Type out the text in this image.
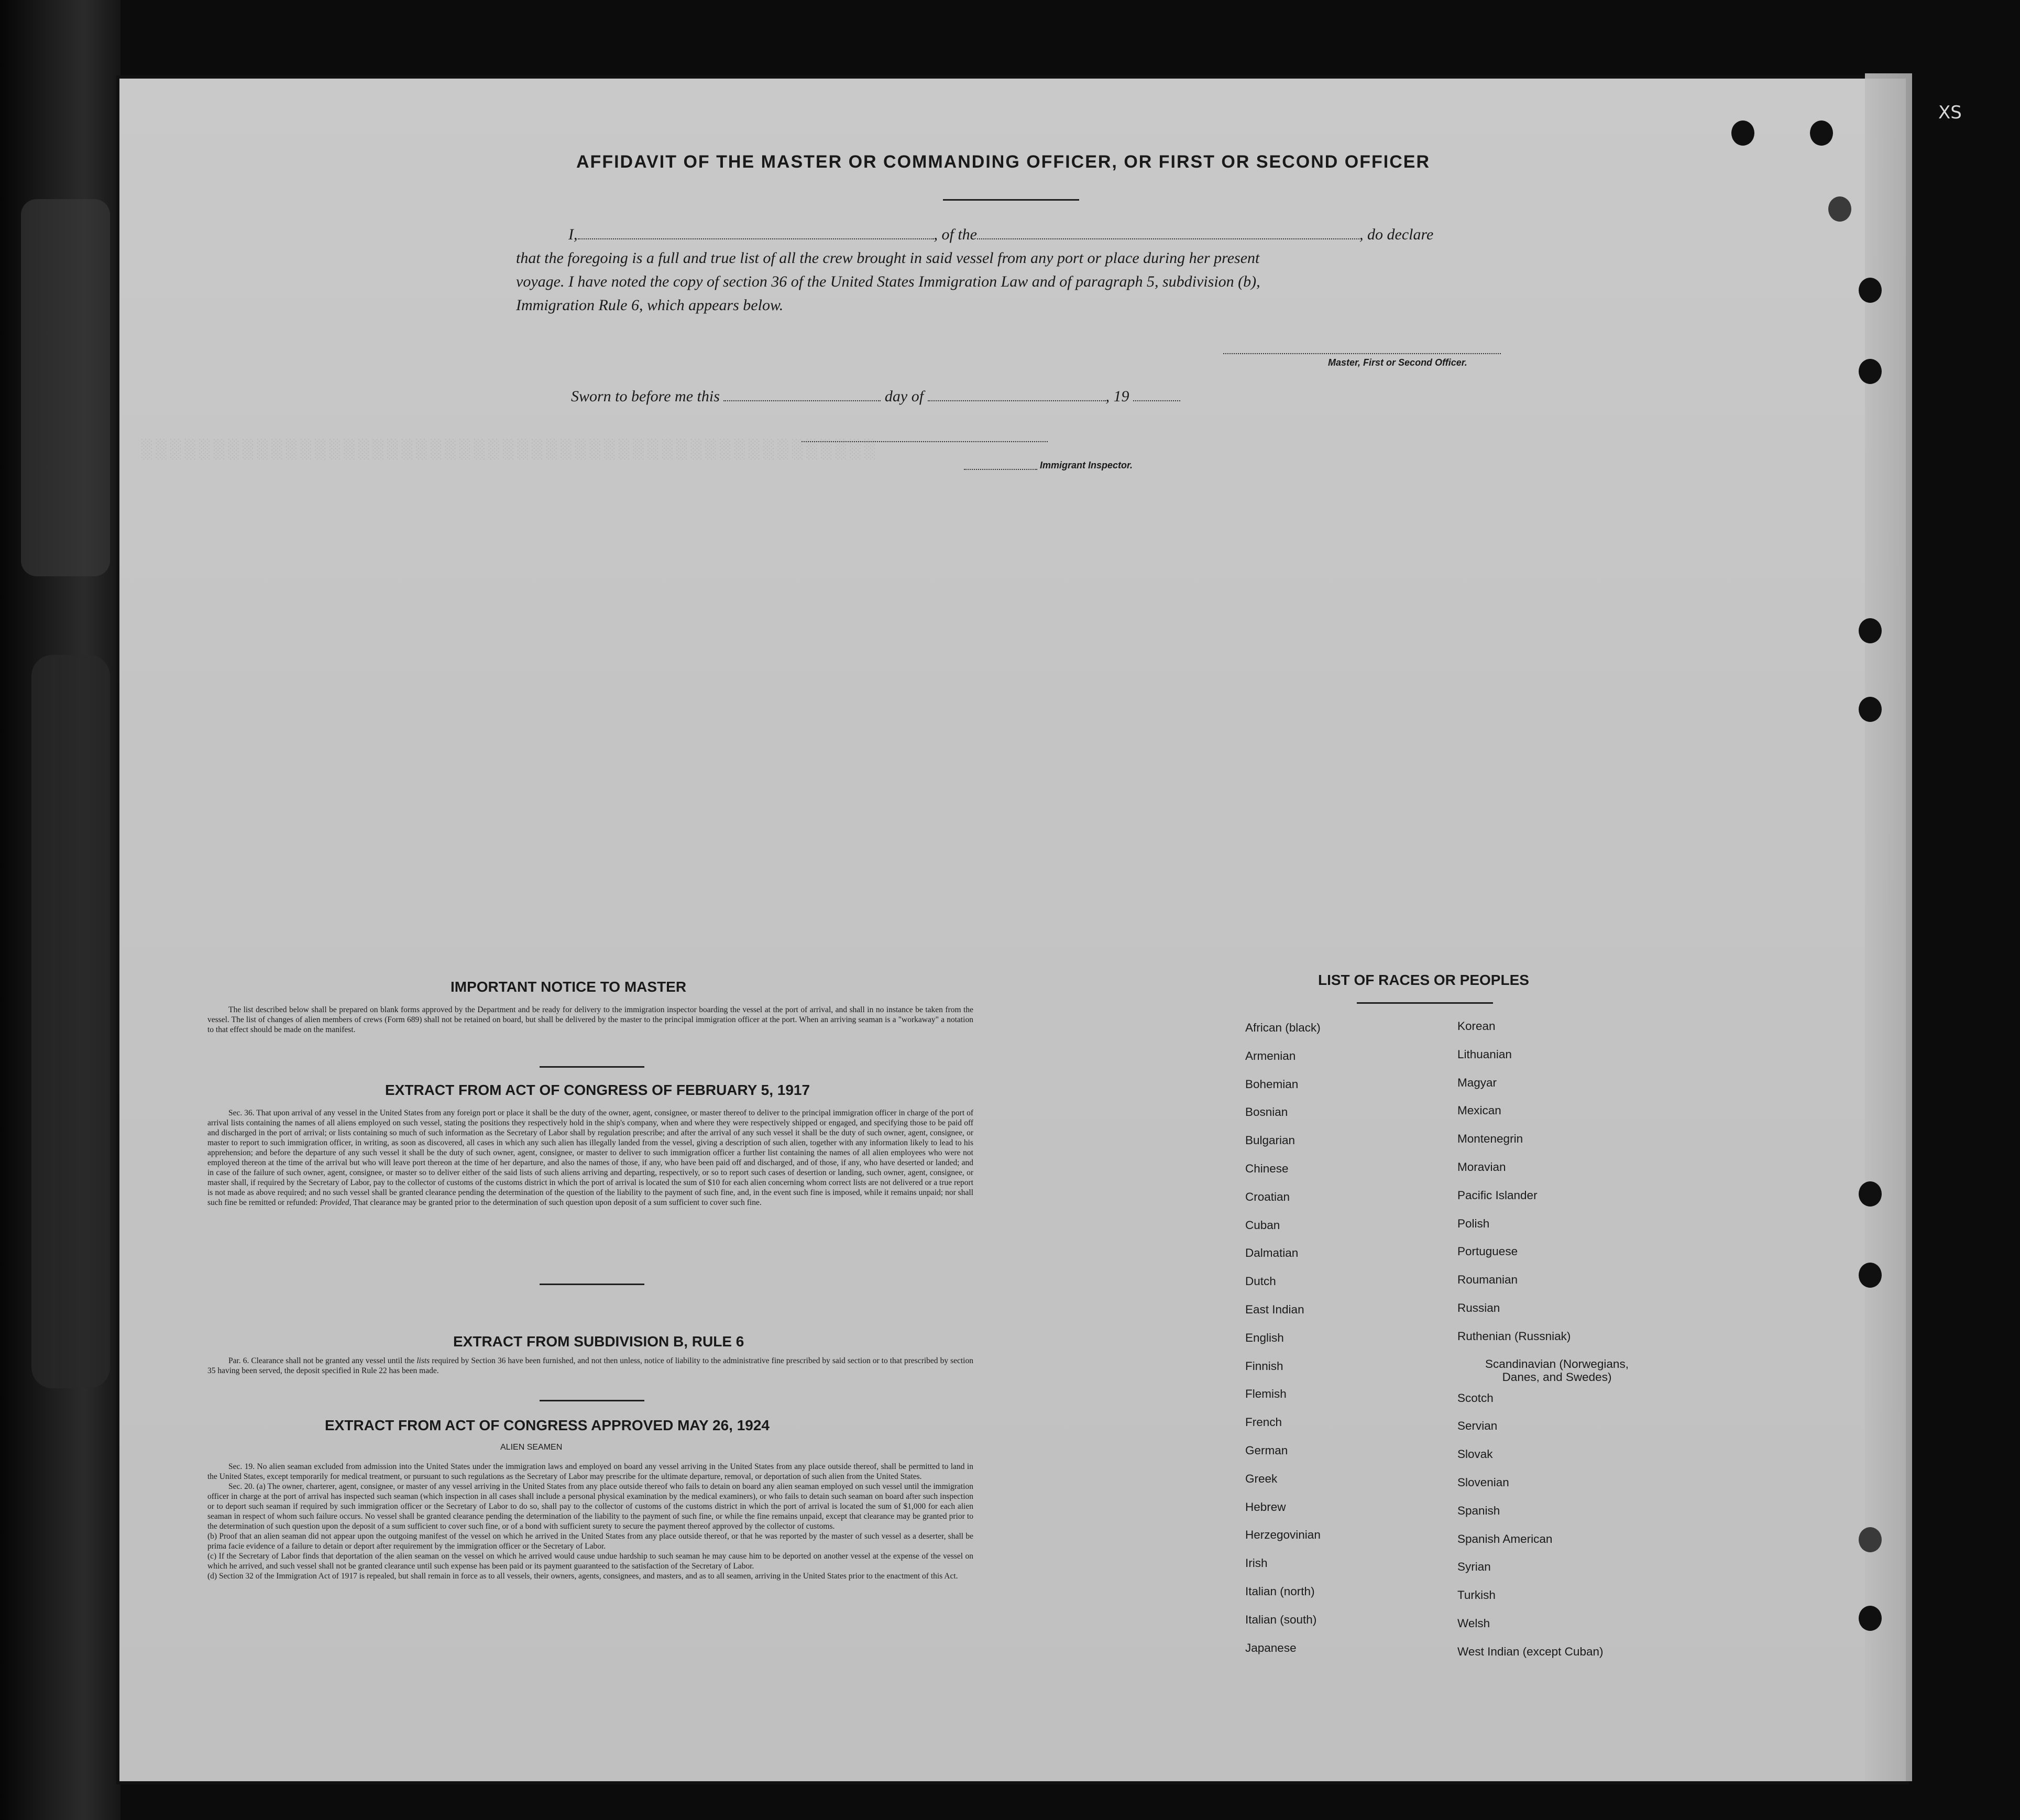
XS
░░░░░░░░░░░░░░░░░░░░░░░░░░░░░░░░░░░░░░░░░░░░░░░░░░░
AFFIDAVIT OF THE MASTER OR COMMANDING OFFICER, OR FIRST OR SECOND OFFICER

I,	, of the	, do declare

that the foregoing is a full and true list of all the crew brought in said vessel from any port or place during her present

voyage. I have noted the copy of section 36 of the United States Immigration Law and of paragraph 5, subdivision (b),

Immigration Rule 6, which appears below.

Master, First or Second Officer.
Sworn to before me this	day of	, 19
Immigrant Inspector.
IMPORTANT NOTICE TO MASTER

The list described below shall be prepared on blank forms approved by the Department and be ready for delivery to the immigration inspector boarding the vessel at the port of arrival, and shall in no instance be taken from the vessel. The list of changes of alien members of crews (Form 689) shall not be retained on board, but shall be delivered by the master to the principal immigration officer at the port. When an arriving seaman is a "workaway" a notation to that effect should be made on the manifest.

EXTRACT FROM ACT OF CONGRESS OF FEBRUARY 5, 1917

Sec. 36. That upon arrival of any vessel in the United States from any foreign port or place it shall be the duty of the owner, agent, consignee, or master thereof to deliver to the principal immigration officer in charge of the port of arrival lists containing the names of all aliens employed on such vessel, stating the positions they respectively hold in the ship's company, when and where they were respectively shipped or engaged, and specifying those to be paid off and discharged in the port of arrival; or lists containing so much of such information as the Secretary of Labor shall by regulation prescribe; and after the arrival of any such vessel it shall be the duty of such owner, agent, consignee, or master to report to such immigration officer, in writing, as soon as discovered, all cases in which any such alien has illegally landed from the vessel, giving a description of such alien, together with any information likely to lead to his apprehension; and before the departure of any such vessel it shall be the duty of such owner, agent, consignee, or master to deliver to such immigration officer a further list containing the names of all alien employees who were not employed thereon at the time of the arrival but who will leave port thereon at the time of her departure, and also the names of those, if any, who have been paid off and discharged, and of those, if any, who have deserted or landed; and in case of the failure of such owner, agent, consignee, or master so to deliver either of the said lists of such aliens arriving and departing, respectively, or so to report such cases of desertion or landing, such owner, agent, consignee, or master shall, if required by the Secretary of Labor, pay to the collector of customs of the customs district in which the port of arrival is located the sum of $10 for each alien concerning whom correct lists are not delivered or a true report is not made as above required; and no such vessel shall be granted clearance pending the determination of the question of the liability to the payment of such fine, and, in the event such fine is imposed, while it remains unpaid; nor shall such fine be remitted or refunded: Provided, That clearance may be granted prior to the determination of such question upon deposit of a sum sufficient to cover such fine.

EXTRACT FROM SUBDIVISION B, RULE 6

Par. 6. Clearance shall not be granted any vessel until the lists required by Section 36 have been furnished, and not then unless, notice of liability to the administrative fine prescribed by said section or to that prescribed by section 35 having been served, the deposit specified in Rule 22 has been made.

EXTRACT FROM ACT OF CONGRESS APPROVED MAY 26, 1924
ALIEN SEAMEN

Sec. 19. No alien seaman excluded from admission into the United States under the immigration laws and employed on board any vessel arriving in the United States from any place outside thereof, shall be permitted to land in the United States, except temporarily for medical treatment, or pursuant to such regulations as the Secretary of Labor may prescribe for the ultimate departure, removal, or deportation of such alien from the United States.

Sec. 20. (a) The owner, charterer, agent, consignee, or master of any vessel arriving in the United States from any place outside thereof who fails to detain on board any alien seaman employed on such vessel until the immigration officer in charge at the port of arrival has inspected such seaman (which inspection in all cases shall include a personal physical examination by the medical examiners), or who fails to detain such seaman on board after such inspection or to deport such seaman if required by such immigration officer or the Secretary of Labor to do so, shall pay to the collector of customs of the customs district in which the port of arrival is located the sum of $1,000 for each alien seaman in respect of whom such failure occurs. No vessel shall be granted clearance pending the determination of the liability to the payment of such fine, or while the fine remains unpaid, except that clearance may be granted prior to the determination of such question upon the deposit of a sum sufficient to cover such fine, or of a bond with sufficient surety to secure the payment thereof approved by the collector of customs.

(b) Proof that an alien seaman did not appear upon the outgoing manifest of the vessel on which he arrived in the United States from any place outside thereof, or that he was reported by the master of such vessel as a deserter, shall be prima facie evidence of a failure to detain or deport after requirement by the immigration officer or the Secretary of Labor.

(c) If the Secretary of Labor finds that deportation of the alien seaman on the vessel on which he arrived would cause undue hardship to such seaman he may cause him to be deported on another vessel at the expense of the vessel on which he arrived, and such vessel shall not be granted clearance until such expense has been paid or its payment guaranteed to the satisfaction of the Secretary of Labor.

(d) Section 32 of the Immigration Act of 1917 is repealed, but shall remain in force as to all vessels, their owners, agents, consignees, and masters, and as to all seamen, arriving in the United States prior to the enactment of this Act.

LIST OF RACES OR PEOPLES
African (black)
Armenian
Bohemian
Bosnian
Bulgarian
Chinese
Croatian
Cuban
Dalmatian
Dutch
East Indian
English
Finnish
Flemish
French
German
Greek
Hebrew
Herzegovinian
Irish
Italian (north)
Italian (south)
Japanese
Korean
Lithuanian
Magyar
Mexican
Montenegrin
Moravian
Pacific Islander
Polish
Portuguese
Roumanian
Russian
Ruthenian (Russniak)
Scandinavian (Norwegians,
Danes, and Swedes)
Scotch
Servian
Slovak
Slovenian
Spanish
Spanish American
Syrian
Turkish
Welsh
West Indian (except Cuban)
